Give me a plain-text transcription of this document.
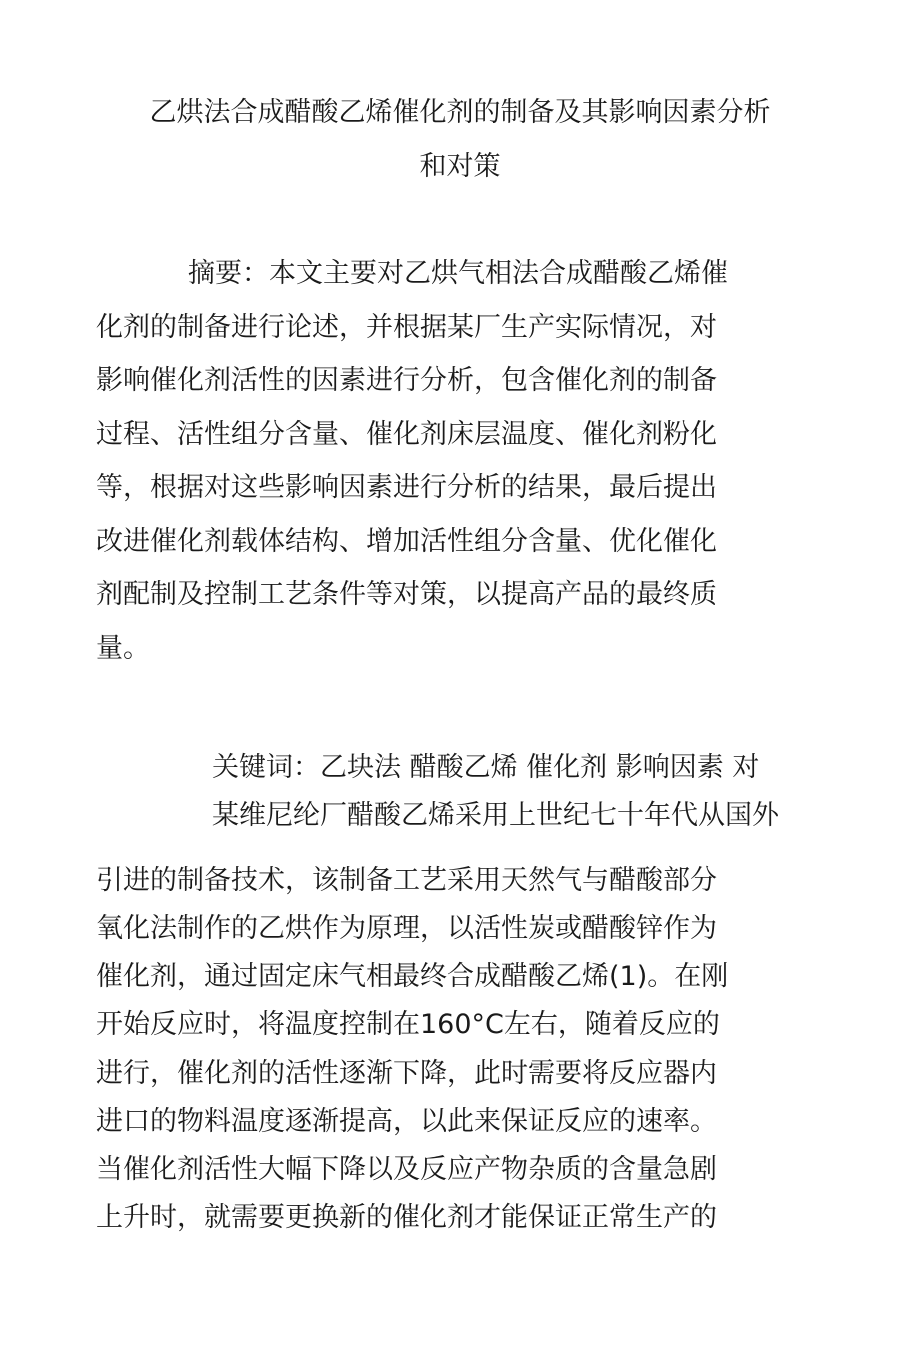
乙烘法合成醋酸乙烯催化剂的制备及其影响因素分析
和对策
摘要：本文主要对乙烘气相法合成醋酸乙烯催
化剂的制备进行论述，并根据某厂生产实际情况，对
影响催化剂活性的因素进行分析，包含催化剂的制备
过程、活性组分含量、催化剂床层温度、催化剂粉化
等，根据对这些影响因素进行分析的结果，最后提出
改进催化剂载体结构、增加活性组分含量、优化催化
剂配制及控制工艺条件等对策，以提高产品的最终质
量。
关键词：乙块法 醋酸乙烯 催化剂 影响因素 对
某维尼纶厂醋酸乙烯采用上世纪七十年代从国外
引进的制备技术，该制备工艺采用天然气与醋酸部分
氧化法制作的乙烘作为原理，以活性炭或醋酸锌作为
催化剂，通过固定床气相最终合成醋酸乙烯(1)。在刚
开始反应时，将温度控制在160°C左右，随着反应的
进行，催化剂的活性逐渐下降，此时需要将反应器内
进口的物料温度逐渐提高，以此来保证反应的速率。
当催化剂活性大幅下降以及反应产物杂质的含量急剧
上升时，就需要更换新的催化剂才能保证正常生产的
